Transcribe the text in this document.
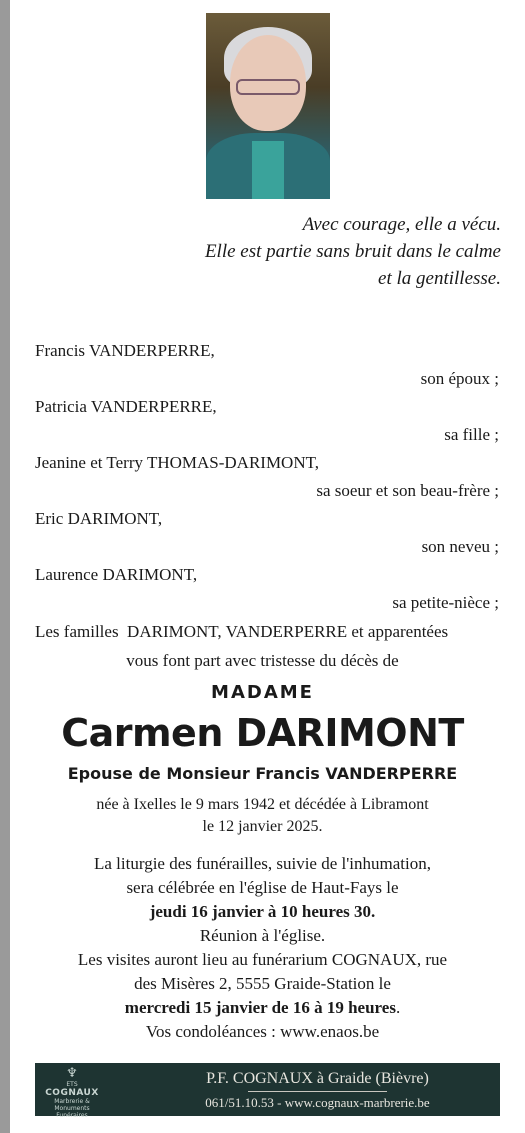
Avec courage, elle a vécu.
Elle est partie sans bruit dans le calme
et la gentillesse.
Francis VANDERPERRE,
son époux ;
Patricia VANDERPERRE,
sa fille ;
Jeanine et Terry THOMAS-DARIMONT,
sa soeur et son beau-frère ;
Eric DARIMONT,
son neveu ;
Laurence DARIMONT,
sa petite-nièce ;
Les familles  DARIMONT, VANDERPERRE et apparentées
vous font part avec tristesse du décès de
MADAME
Carmen DARIMONT
Epouse de Monsieur Francis VANDERPERRE
née à Ixelles le 9 mars 1942 et décédée à Libramont
le 12 janvier 2025.
La liturgie des funérailles, suivie de l'inhumation,
sera célébrée en l'église de Haut-Fays le
jeudi 16 janvier à 10 heures 30.
Réunion à l'église.
Les visites auront lieu au funérarium COGNAUX, rue
des Misères 2, 5555 Graide-Station le
mercredi 15 janvier de 16 à 19 heures.
Vos condoléances : www.enaos.be
♆
ETS
COGNAUX
Marbrerie &
Monuments Funéraires
P.F. COGNAUX à Graide (Bièvre)
061/51.10.53 - www.cognaux-marbrerie.be
